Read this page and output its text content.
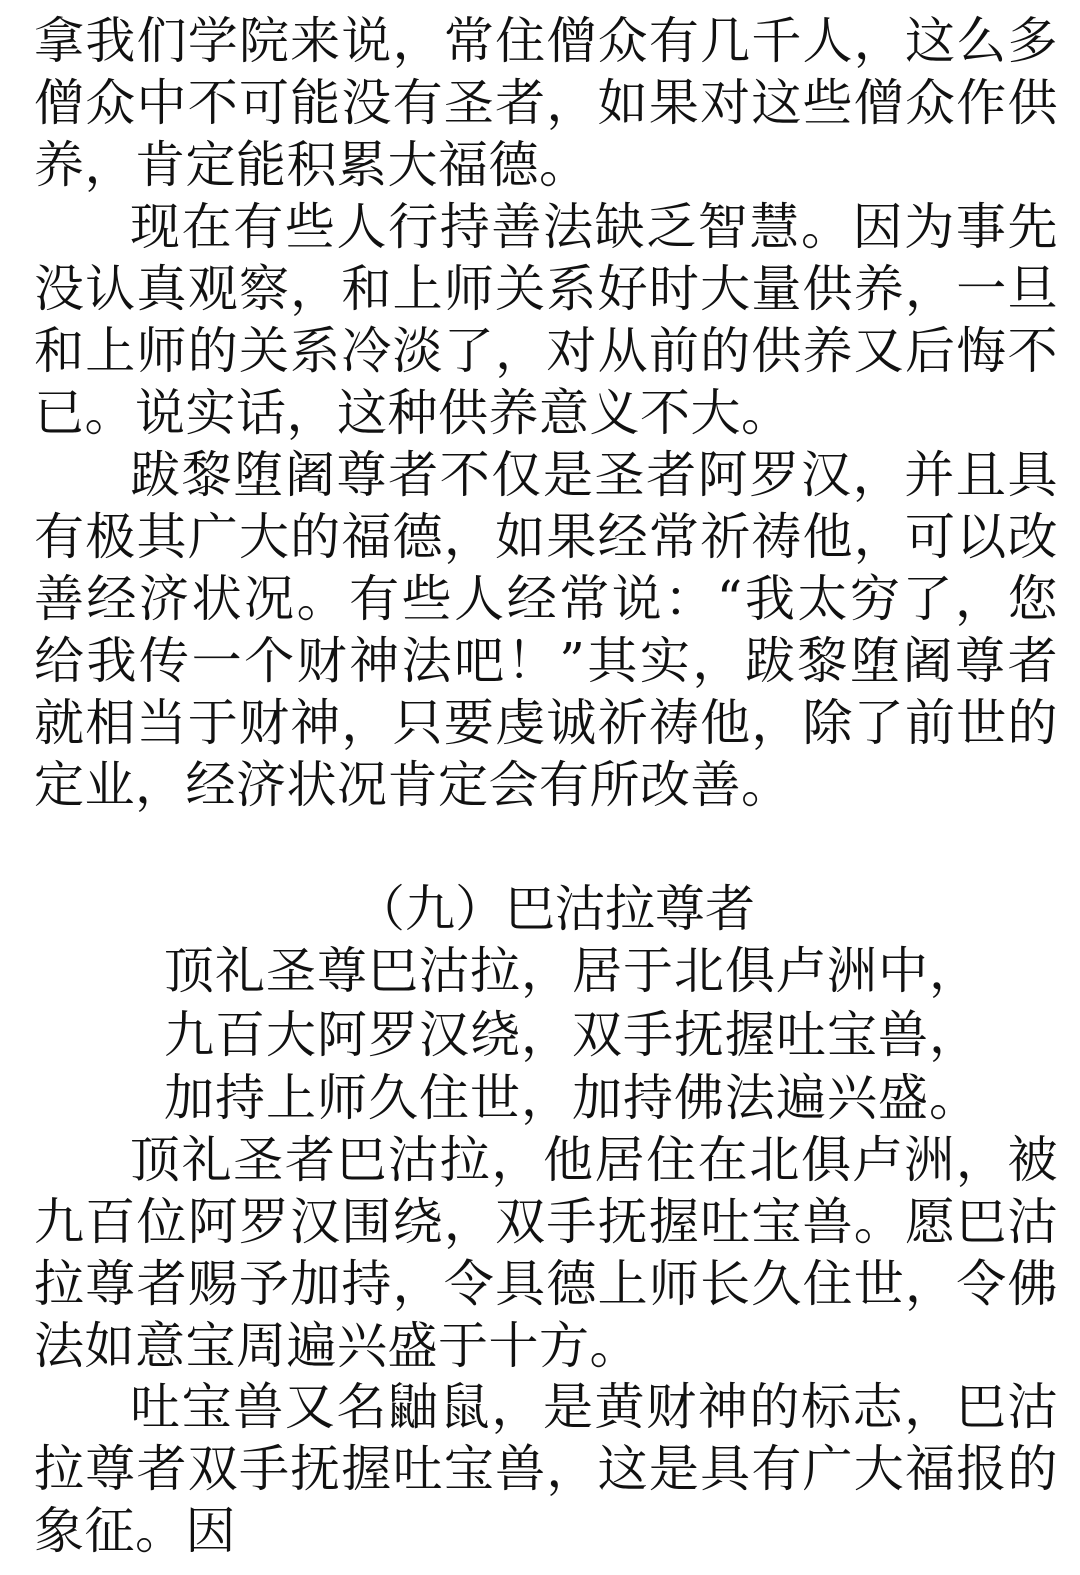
拿我们学院来说，常住僧众有几千人，这么多僧众中不可能没有圣者，如果对这些僧众作供养，肯定能积累大福德。

现在有些人行持善法缺乏智慧。因为事先没认真观察，和上师关系好时大量供养，一旦和上师的关系冷淡了，对从前的供养又后悔不已。说实话，这种供养意义不大。

跋黎堕阇尊者不仅是圣者阿罗汉，并且具有极其广大的福德，如果经常祈祷他，可以改善经济状况。有些人经常说：“我太穷了，您给我传一个财神法吧！”其实，跋黎堕阇尊者就相当于财神，只要虔诚祈祷他，除了前世的定业，经济状况肯定会有所改善。

（九）巴沽拉尊者

顶礼圣尊巴沽拉，居于北俱卢洲中，

九百大阿罗汉绕，双手抚握吐宝兽，

加持上师久住世，加持佛法遍兴盛。

顶礼圣者巴沽拉，他居住在北俱卢洲，被九百位阿罗汉围绕，双手抚握吐宝兽。愿巴沽拉尊者赐予加持，令具德上师长久住世，令佛法如意宝周遍兴盛于十方。

吐宝兽又名鼬鼠，是黄财神的标志，巴沽拉尊者双手抚握吐宝兽，这是具有广大福报的象征。因
